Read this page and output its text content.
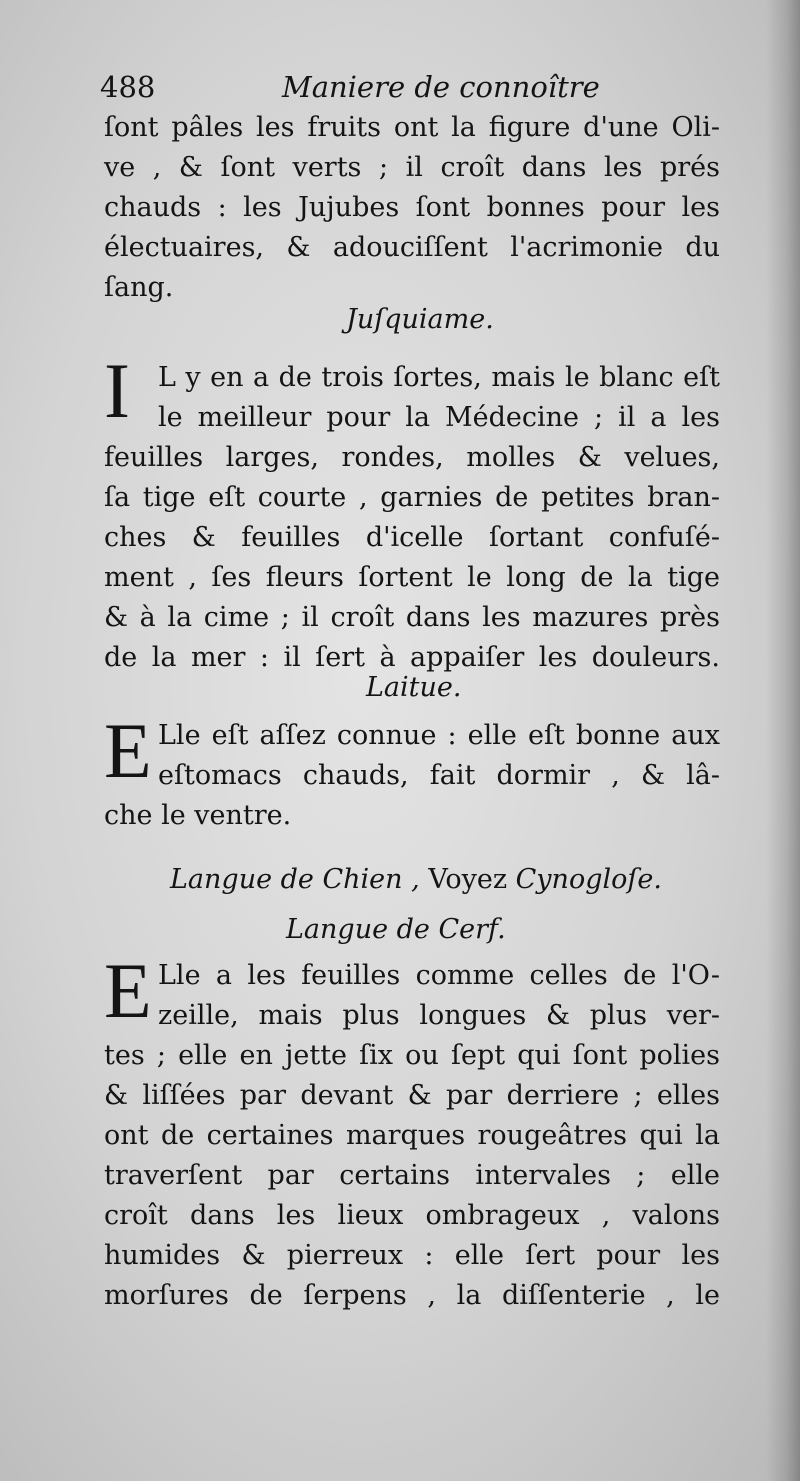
488	Maniere de connoître
ſont pâles les fruits ont la figure d'une Oli-
ve , & ſont verts ; il croît dans les prés
chauds : les Jujubes ſont bonnes pour les
électuaires, & adouciſſent l'acrimonie du
ſang.
Juſquiame.
I	L y en a de trois ſortes, mais le blanc eſt
le meilleur pour la Médecine ; il a les
feuilles larges, rondes, molles & velues,
ſa tige eſt courte , garnies de petites bran-
ches & feuilles d'icelle ſortant confuſé-
ment , ſes fleurs ſortent le long de la tige
& à la cime ; il croît dans les mazures près
de la mer : il ſert à appaiſer les douleurs.
Laitue.
E Lle eſt aſſez connue : elle eſt bonne aux
eſtomacs chauds, fait dormir , & lâ-
che le ventre.
Langue de Chien , Voyez Cynogloſe.
Langue de Cerf.
E Lle a les feuilles comme celles de l'O-
zeille, mais plus longues & plus ver-
tes ; elle en jette ſix ou ſept qui ſont polies
& liſſées par devant & par derriere ; elles
ont de certaines marques rougeâtres qui la
traverſent par certains intervales ; elle
croît dans les lieux ombrageux , valons
humides & pierreux : elle ſert pour les
morſures de ſerpens , la diſſenterie , le
